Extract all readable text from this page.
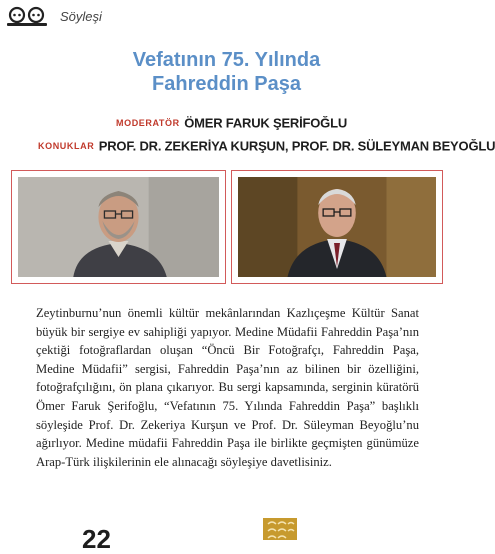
Söyleşi
Vefatının 75. Yılında
Fahreddin Paşa
MODERATÖR ÖMER FARUK ŞERİFOĞLU
KONUKLAR PROF. DR. ZEKERİYA KURŞUN, PROF. DR. SÜLEYMAN BEYOĞLU

Zeytinburnu’nun önemli kültür mekânlarından Kazlıçeşme Kültür Sanat büyük bir sergiye ev sahipliği yapıyor. Medine Müdafii Fahreddin Paşa’nın çektiği fotoğraflardan oluşan “Öncü Bir Fotoğrafçı, Fahreddin Paşa, Medine Müdafii” sergisi, Fahreddin Paşa’nın az bilinen bir özelliğini, fotoğrafçılığını, ön plana çıkarıyor. Bu sergi kapsamında, serginin küratörü Ömer Faruk Şerifoğlu, “Vefatının 75. Yılında Fahreddin Paşa” başlıklı söyleşide Prof. Dr. Zekeriya Kurşun ve Prof. Dr. Süleyman Beyoğlu’nu ağırlıyor. Medine müdafii Fahreddin Paşa ile birlikte geçmişten günümüze Arap-Türk ilişkilerinin ele alınacağı söyleşiye davetlisiniz.

22
